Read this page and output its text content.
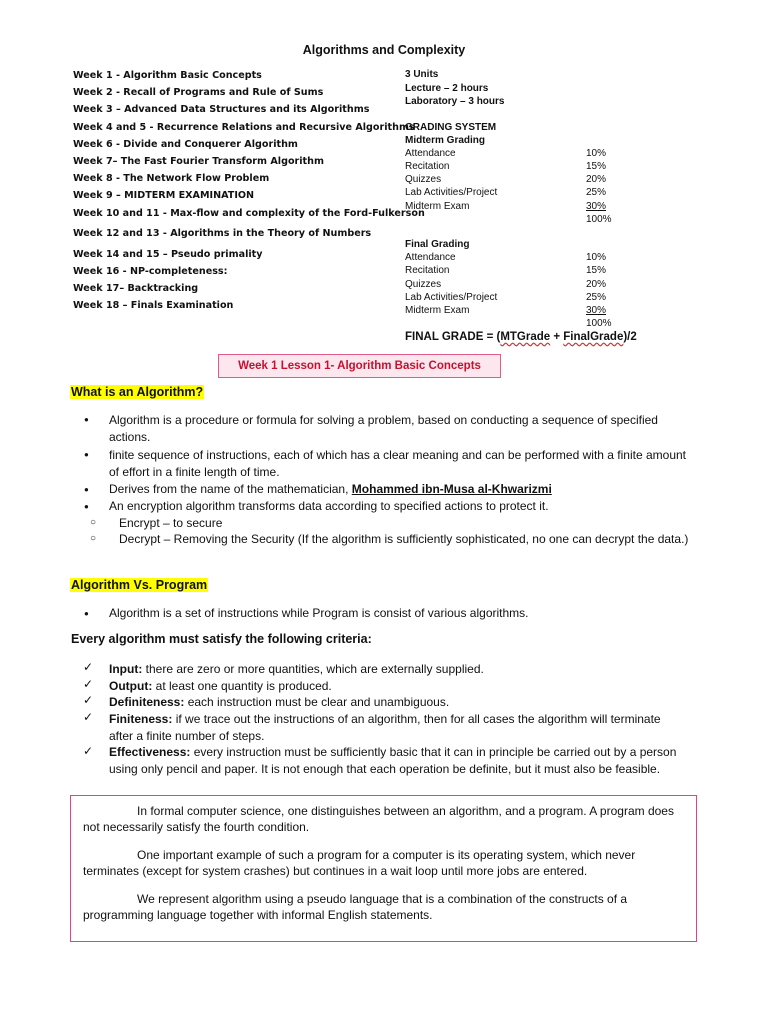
Algorithms and Complexity
Week 1 - Algorithm Basic Concepts
Week 2 - Recall of Programs and Rule of Sums
Week 3 – Advanced Data Structures and its Algorithms
Week 4 and 5 - Recurrence Relations and Recursive Algorithms
Week 6 - Divide and Conquerer Algorithm
Week 7– The Fast Fourier Transform Algorithm
Week 8 - The Network Flow Problem
Week 9 – MIDTERM EXAMINATION
Week 10 and 11 - Max-flow and complexity of the Ford-Fulkerson
Week 12 and 13 - Algorithms in the Theory of Numbers
Week 14 and 15 – Pseudo primality
Week 16 - NP-completeness:
Week 17– Backtracking
Week 18 – Finals Examination
3 Units
Lecture – 2 hours
Laboratory – 3 hours
GRADING SYSTEM
Midterm Grading
Attendance	10%
Recitation	15%
Quizzes	20%
Lab Activities/Project	25%
Midterm Exam	30%
100%
Final Grading
Attendance	10%
Recitation	15%
Quizzes	20%
Lab Activities/Project	25%
Midterm Exam	30%
100%
FINAL GRADE = (MTGrade + FinalGrade)/2
Week 1 Lesson 1- Algorithm Basic Concepts
What is an Algorithm?
● Algorithm is a procedure or formula for solving a problem, based on conducting a sequence of specified actions.
● finite sequence of instructions, each of which has a clear meaning and can be performed with a finite amount of effort in a finite length of time.
● Derives from the name of the mathematician, Mohammed ibn-Musa al-Khwarizmi
● An encryption algorithm transforms data according to specified actions to protect it.
○ Encrypt – to secure
○ Decrypt – Removing the Security (If the algorithm is sufficiently sophisticated, no one can decrypt the data.)
Algorithm Vs. Program
● Algorithm is a set of instructions while Program is consist of various algorithms.
Every algorithm must satisfy the following criteria:
✓ Input: there are zero or more quantities, which are externally supplied.
✓ Output: at least one quantity is produced.
✓ Definiteness: each instruction must be clear and unambiguous.
✓ Finiteness: if we trace out the instructions of an algorithm, then for all cases the algorithm will terminate after a finite number of steps.
✓ Effectiveness: every instruction must be sufficiently basic that it can in principle be carried out by a person using only pencil and paper. It is not enough that each operation be definite, but it must also be feasible.

In formal computer science, one distinguishes between an algorithm, and a program. A program does not necessarily satisfy the fourth condition.

One important example of such a program for a computer is its operating system, which never terminates (except for system crashes) but continues in a wait loop until more jobs are entered.

We represent algorithm using a pseudo language that is a combination of the constructs of a programming language together with informal English statements.
